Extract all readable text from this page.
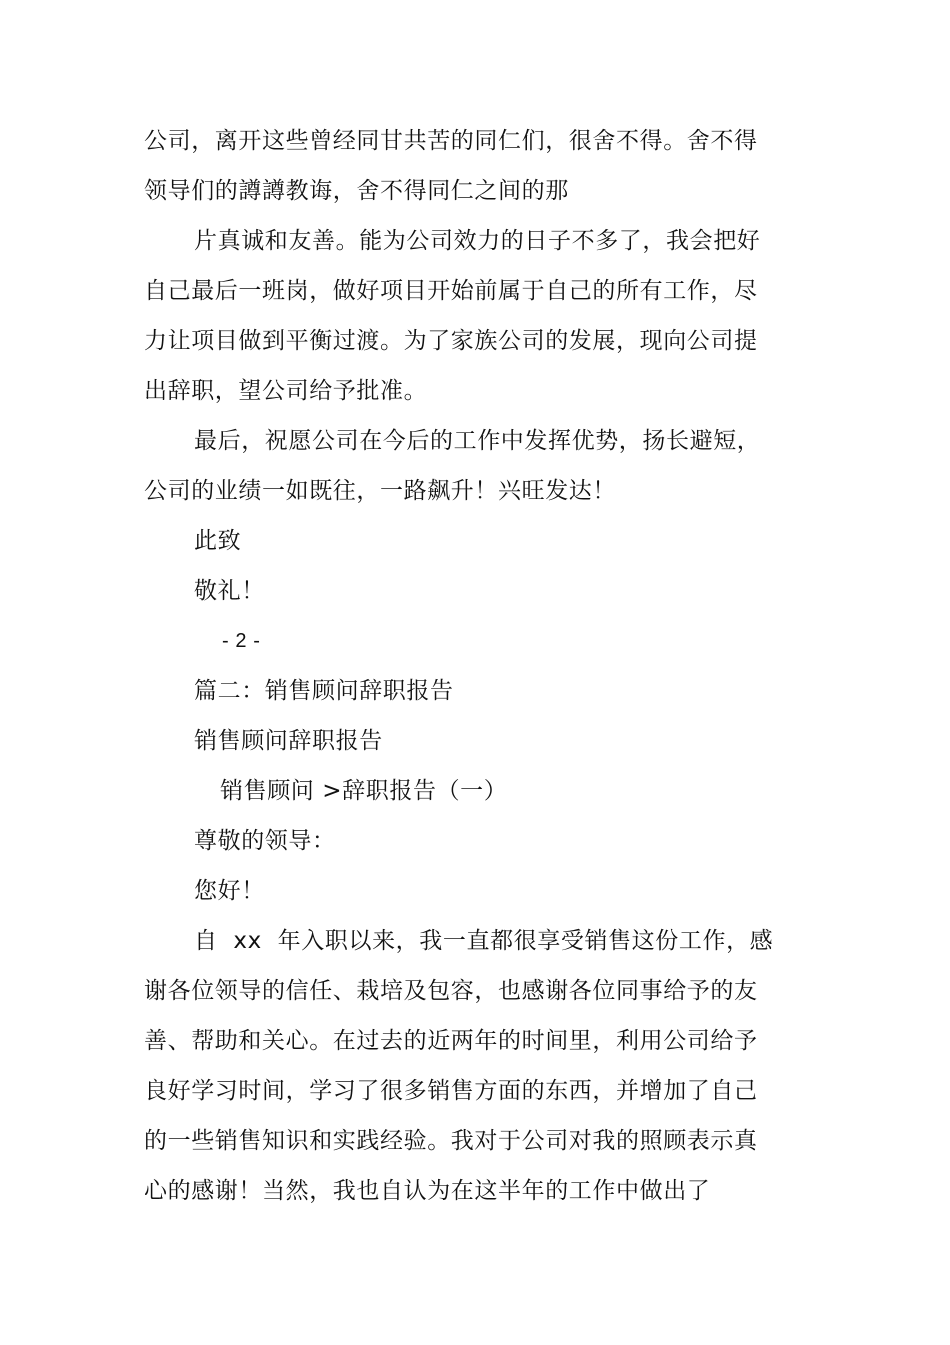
公司，离开这些曾经同甘共苦的同仁们，很舍不得。舍不得
领导们的譐譐教诲，舍不得同仁之间的那
片真诚和友善。能为公司效力的日子不多了，我会把好
自己最后一班岗，做好项目开始前属于自己的所有工作，尽
力让项目做到平衡过渡。为了家族公司的发展，现向公司提
出辞职，望公司给予批准。
最后，祝愿公司在今后的工作中发挥优势，扬长避短，
公司的业绩一如既往，一路飙升！兴旺发达！
此致
敬礼！
- 2 -
篇二：销售顾问辞职报告
销售顾问辞职报告
销售顾问 >辞职报告（一）
尊敬的领导：
您好！
自  xx  年入职以来，我一直都很享受销售这份工作，感
谢各位领导的信任、栽培及包容，也感谢各位同事给予的友
善、帮助和关心。在过去的近两年的时间里，利用公司给予
良好学习时间，学习了很多销售方面的东西，并增加了自己
的一些销售知识和实践经验。我对于公司对我的照顾表示真
心的感谢！当然，我也自认为在这半年的工作中做出了
